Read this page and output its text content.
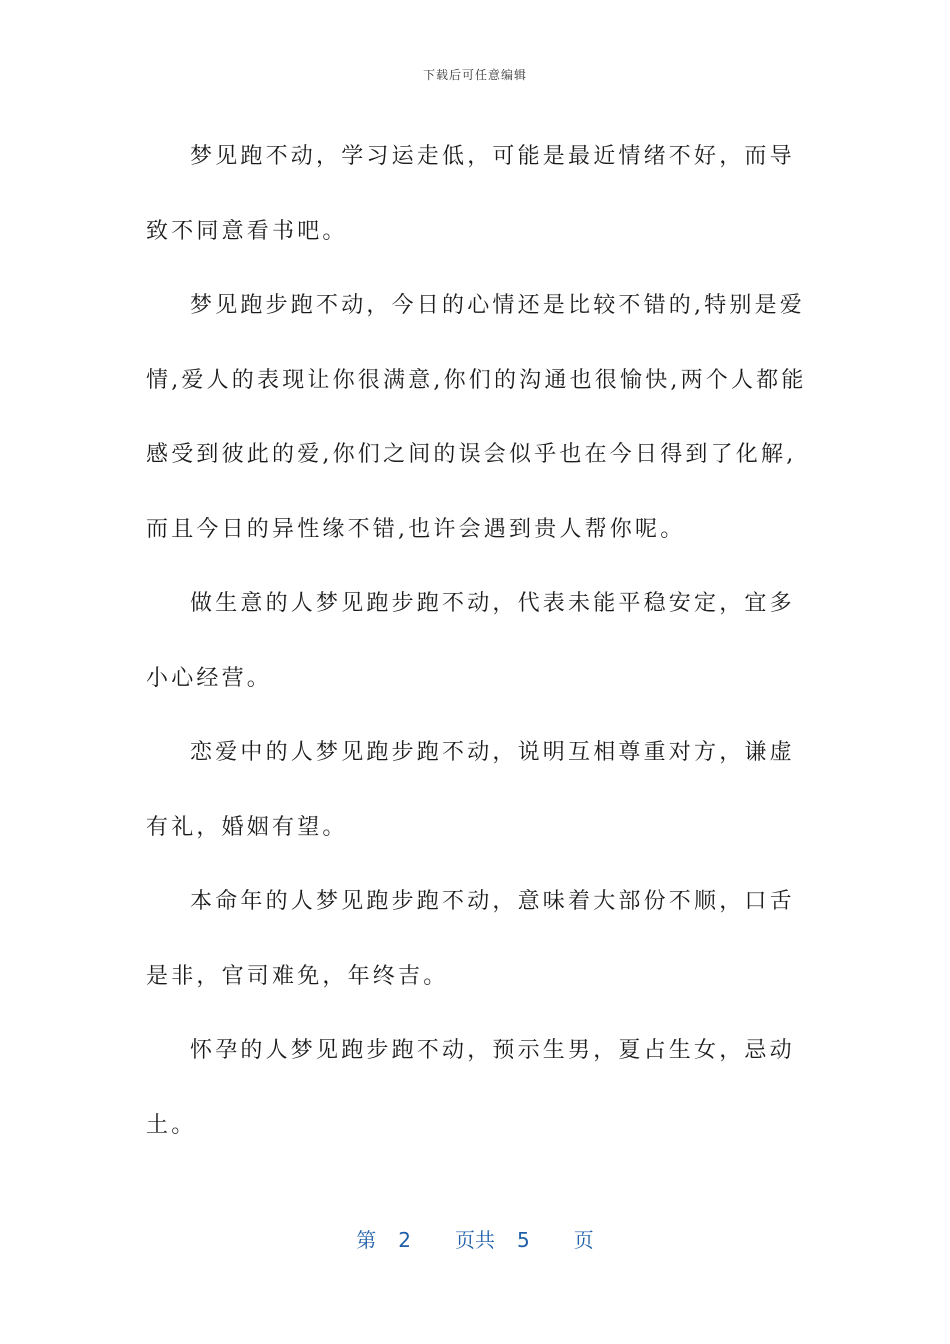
下载后可任意编辑

梦见跑不动，学习运走低，可能是最近情绪不好，而导致不同意看书吧。

梦见跑步跑不动，今日的心情还是比较不错的,特别是爱情,爱人的表现让你很满意,你们的沟通也很愉快,两个人都能感受到彼此的爱,你们之间的误会似乎也在今日得到了化解,而且今日的异性缘不错,也许会遇到贵人帮你呢。

做生意的人梦见跑步跑不动，代表未能平稳安定，宜多小心经营。

恋爱中的人梦见跑步跑不动，说明互相尊重对方，谦虚有礼，婚姻有望。

本命年的人梦见跑步跑不动，意味着大部份不顺，口舌是非，官司难免，年终吉。

怀孕的人梦见跑步跑不动，预示生男，夏占生女，忌动土。

第 2 页共 5 页
